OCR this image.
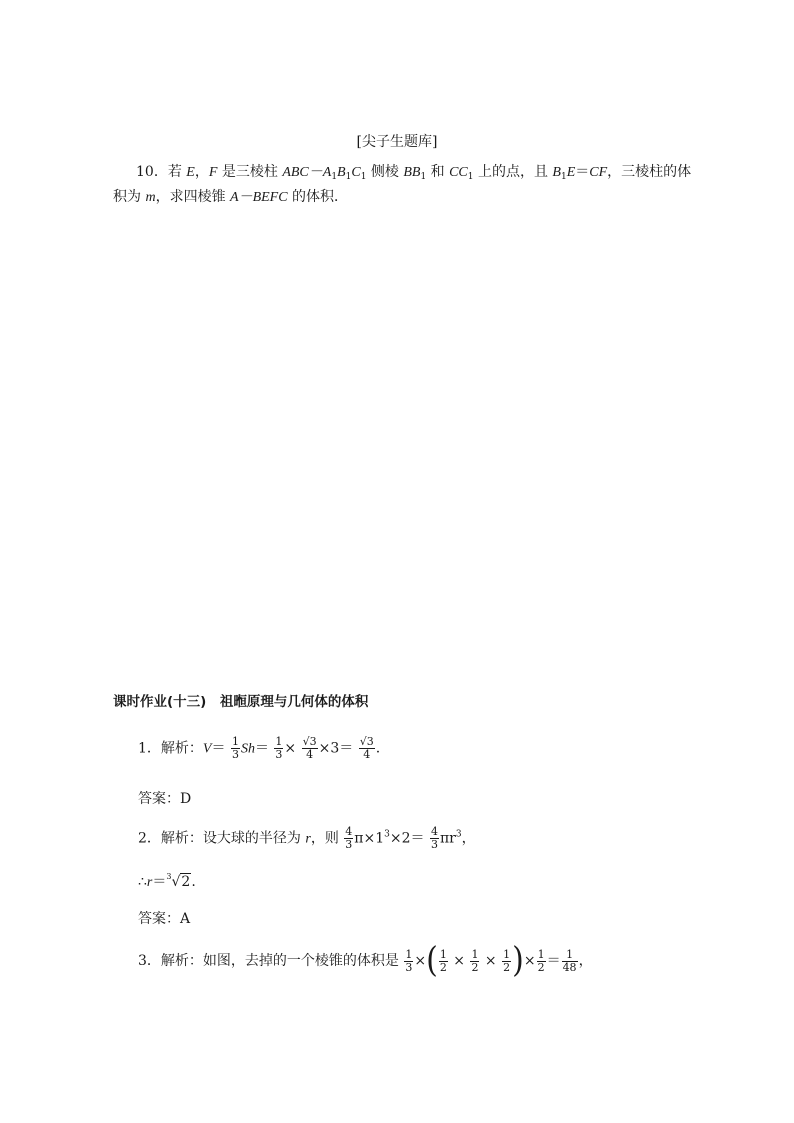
[尖子生题库]
10．若 E，F 是三棱柱 $ABC-A_1B_1C_1$ 侧棱 $BB_1$ 和 $CC_1$ 上的点，且 $B_1E=CF$，三棱柱的体
积为 m，求四棱锥 A－BEFC 的体积．
课时作业(十三)　祖暅原理与几何体的体积
1．解析：$V= \frac{1}{3} Sh= \frac{1}{3} \times \frac{√3}{4} \times 3= \frac{√3}{4}$ .
答案：D
2．解析：设大球的半径为 r，则 $\frac{4}{3} \pi\times 1^3\times 2= \frac{4}{3} \pi r^3$，
∴r＝$^3$√2.
答案：A
3．解析：如图，去掉的一个棱锥的体积是 $\frac{1}{3}$ ×( $\frac{1}{2} \times \frac{1}{2} \times \frac{1}{2}$ )× $\frac{1}{2} = \frac{1}{48}$ ，
